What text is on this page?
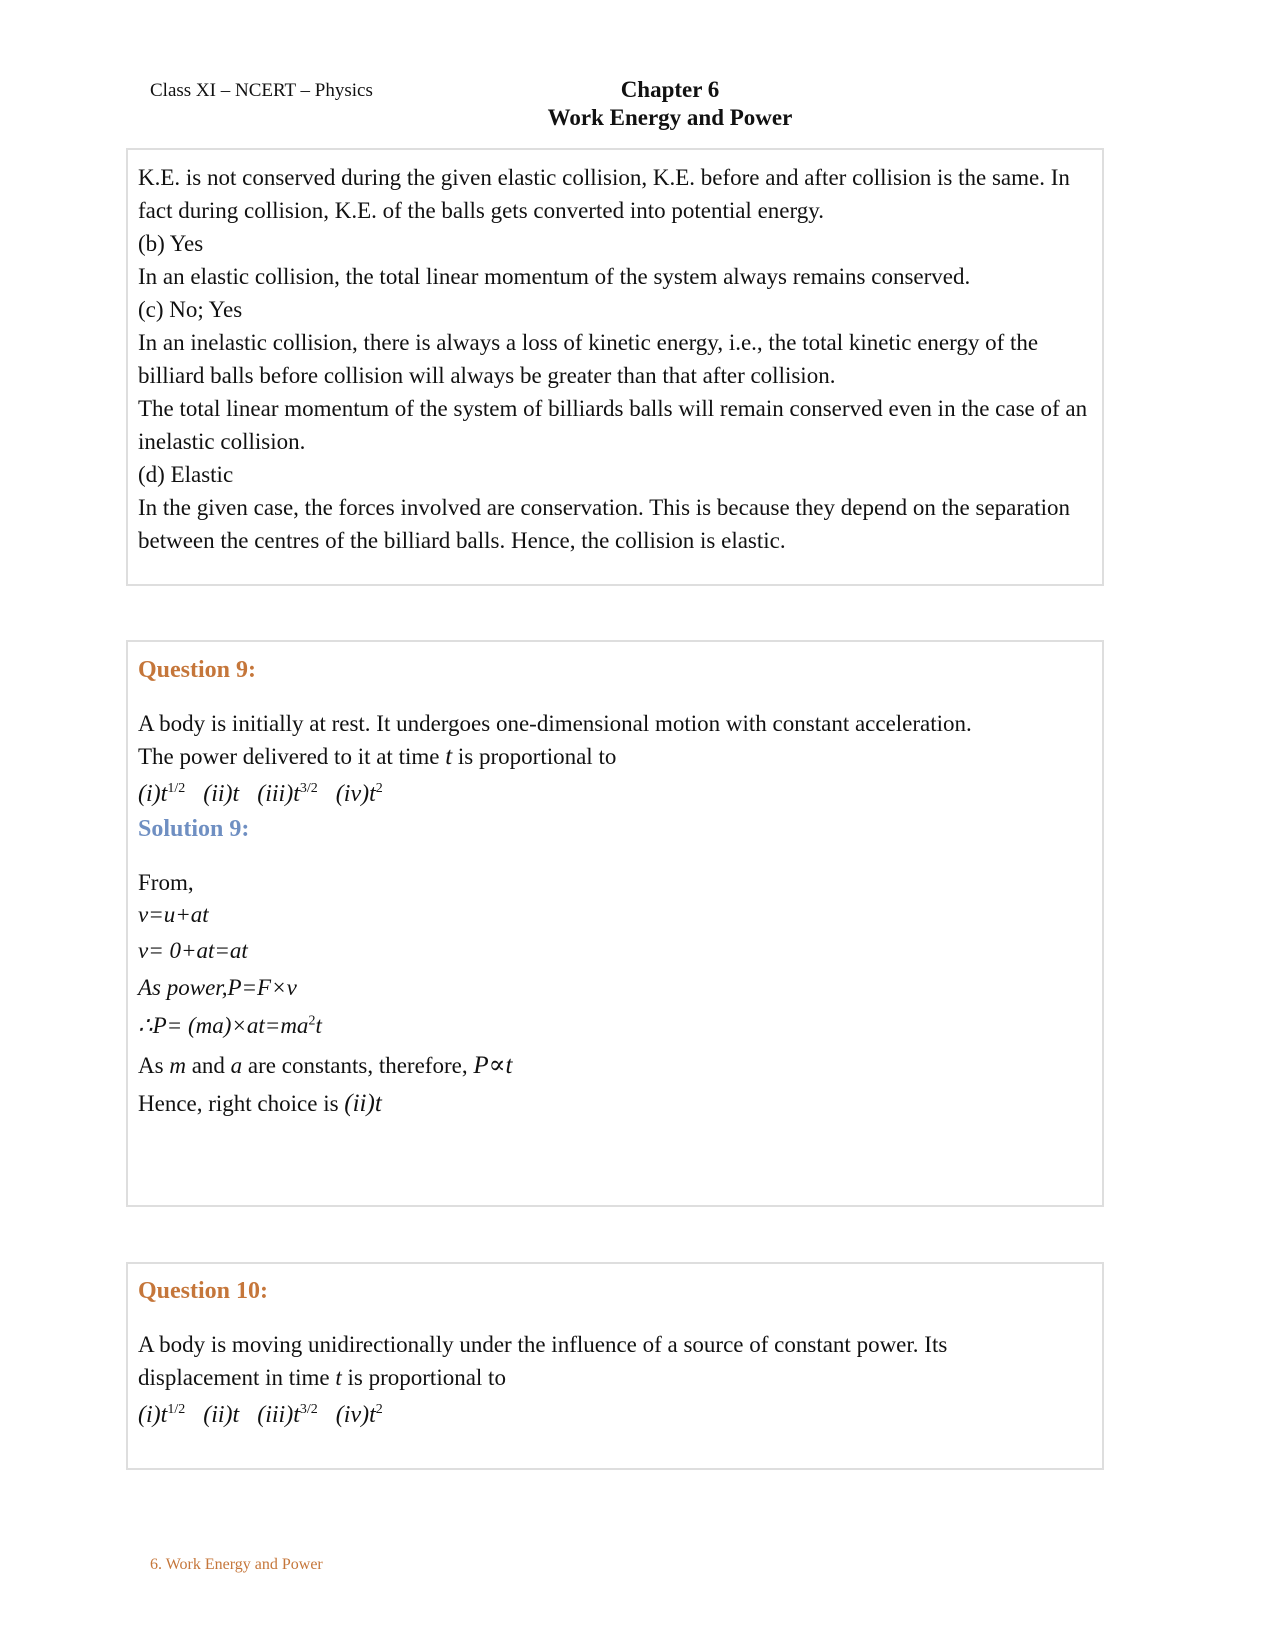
Class XI – NCERT – Physics	Chapter 6
Work Energy and Power

K.E. is not conserved during the given elastic collision, K.E. before and after collision is the same. In fact during collision, K.E. of the balls gets converted into potential energy.

(b) Yes

In an elastic collision, the total linear momentum of the system always remains conserved.

(c) No; Yes

In an inelastic collision, there is always a loss of kinetic energy, i.e., the total kinetic energy of the billiard balls before collision will always be greater than that after collision.

The total linear momentum of the system of billiards balls will remain conserved even in the case of an inelastic collision.

(d) Elastic

In the given case, the forces involved are conservation. This is because they depend on the separation between the centres of the billiard balls. Hence, the collision is elastic.

Question 9:

A body is initially at rest. It undergoes one-dimensional motion with constant acceleration.

The power delivered to it at time t is proportional to

$(i)t^{1/2}$ (ii)t $(iii)t^{3/2}$ $(iv)t^2$

Solution 9:

From,

v=u+at

v= 0+at=at

As power,P=F×v

∴P= $(ma)\times at=ma^2t$

As m and a are constants, therefore, P∝t

Hence, right choice is (ii)t

Question 10:

A body is moving unidirectionally under the influence of a source of constant power. Its

displacement in time t is proportional to

$(i)t^{1/2}$ (ii)t $(iii)t^{3/2}$ $(iv)t^2$

6. Work Energy and Power
